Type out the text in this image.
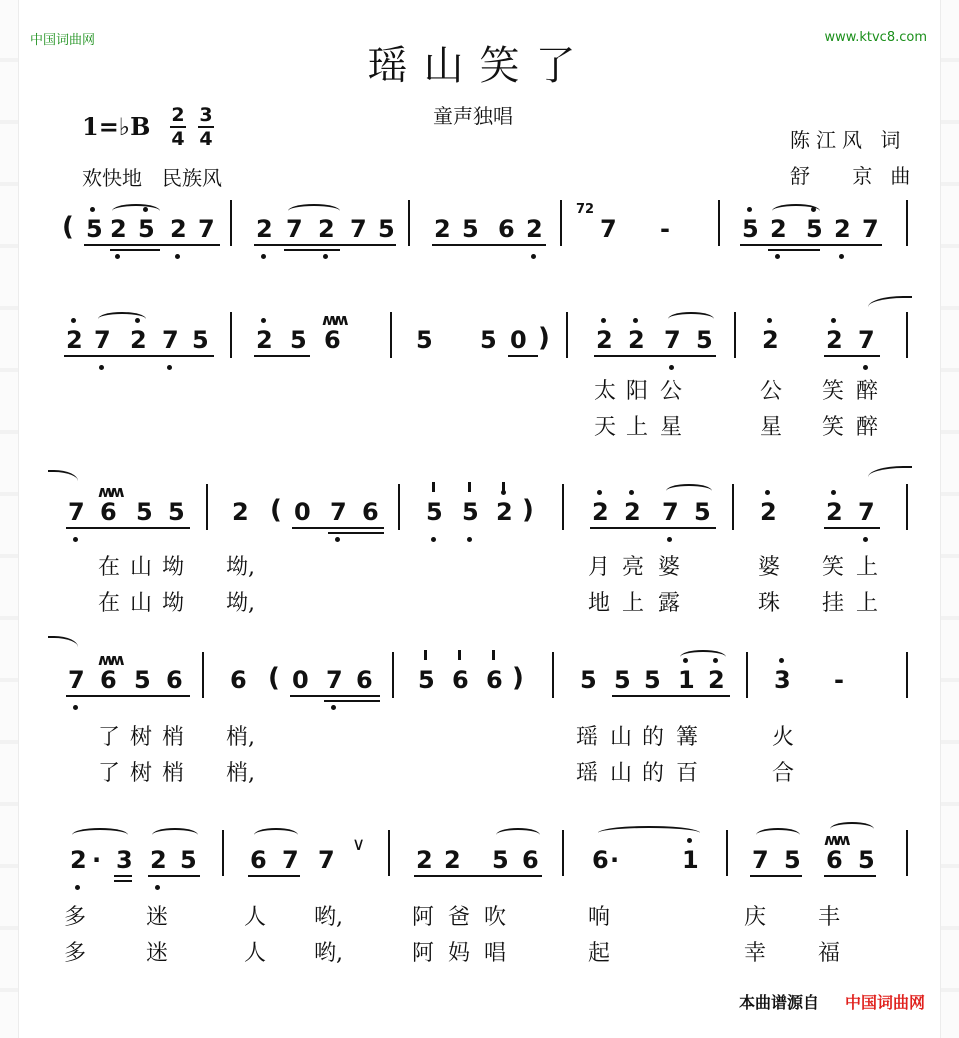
中国词曲网	www.ktvc8.com
瑶山笑了
童声独唱
陈江风 词
舒 京曲
1=♭B $\frac{2}{4} \frac{3}{4}$
欢快地　民族风
( 5 2 5 2 7 2 7 2 7 5 2 5 6 2
72
7 -	5 2 5 2 7
2 7 2 7 5 2 5 6
ʍʍ
5 5 0 ) 2 2 7 5 2 2 7
太 阳 公	公 笑 醉
天 上 星	星 笑 醉
7 6
ʍʍ
5 5 2 ( 0 7 6 5 5 2 ) 2 2 7 5 2 2 7
在 山 坳 坳,	月 亮 婆	婆 笑 上
在 山 坳 坳,	地 上 露	珠 挂 上
7 6
ʍʍ
5 6 6 ( 0 7 6 5 6 6 ) 5 5 5 1 2 3 -
了 树 梢 梢,	瑶 山 的 篝	火
了 树 梢 梢,	瑶 山 的 百	合
2 · 3 2 5 6 7 7
∨
2 2 5 6 6 ·	1 7 5 6
ʍʍ
5
多	迷	人 哟,	阿 爸 吹	响	庆 丰
多	迷	人 哟,	阿 妈 唱	起	幸 福
本曲谱源自 中国词曲网
